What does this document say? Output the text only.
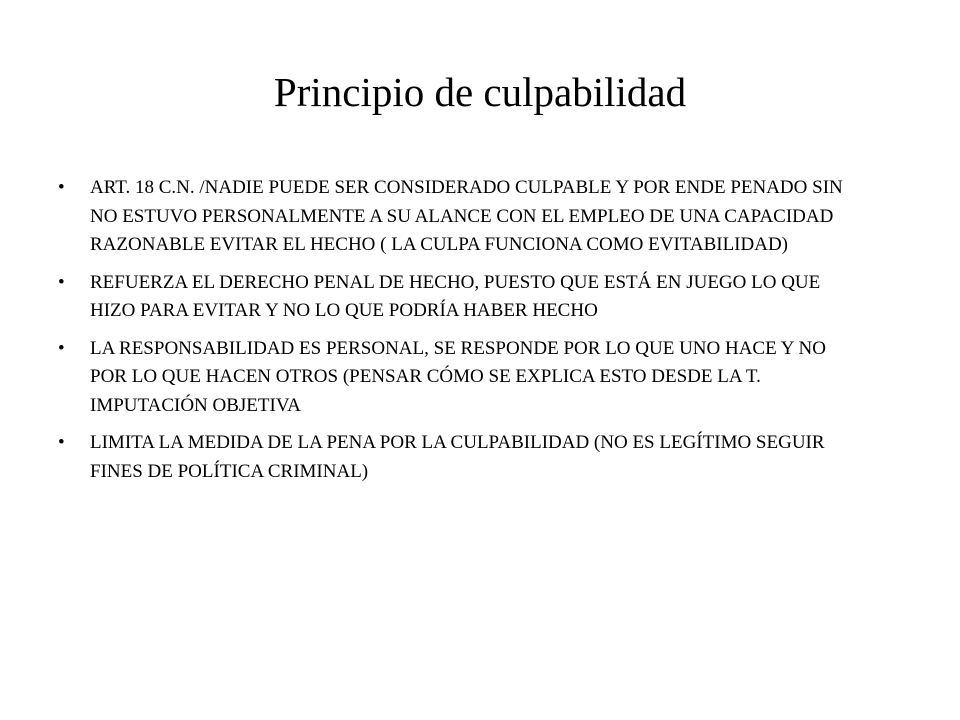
Principio de culpabilidad
•	ART. 18 C.N. /NADIE PUEDE SER CONSIDERADO CULPABLE Y POR ENDE PENADO SIN NO ESTUVO PERSONALMENTE A SU ALANCE CON EL EMPLEO DE UNA CAPACIDAD RAZONABLE EVITAR EL HECHO ( LA CULPA FUNCIONA COMO EVITABILIDAD)
•	REFUERZA EL DERECHO PENAL DE HECHO, PUESTO QUE ESTÁ EN JUEGO LO QUE HIZO PARA EVITAR Y NO LO QUE PODRÍA HABER HECHO
•	LA RESPONSABILIDAD ES PERSONAL, SE RESPONDE POR LO QUE UNO HACE Y NO POR LO QUE HACEN OTROS (PENSAR CÓMO SE EXPLICA ESTO DESDE LA T. IMPUTACIÓN OBJETIVA
•	LIMITA LA MEDIDA DE LA PENA POR LA CULPABILIDAD (NO ES LEGÍTIMO SEGUIR FINES DE POLÍTICA CRIMINAL)
